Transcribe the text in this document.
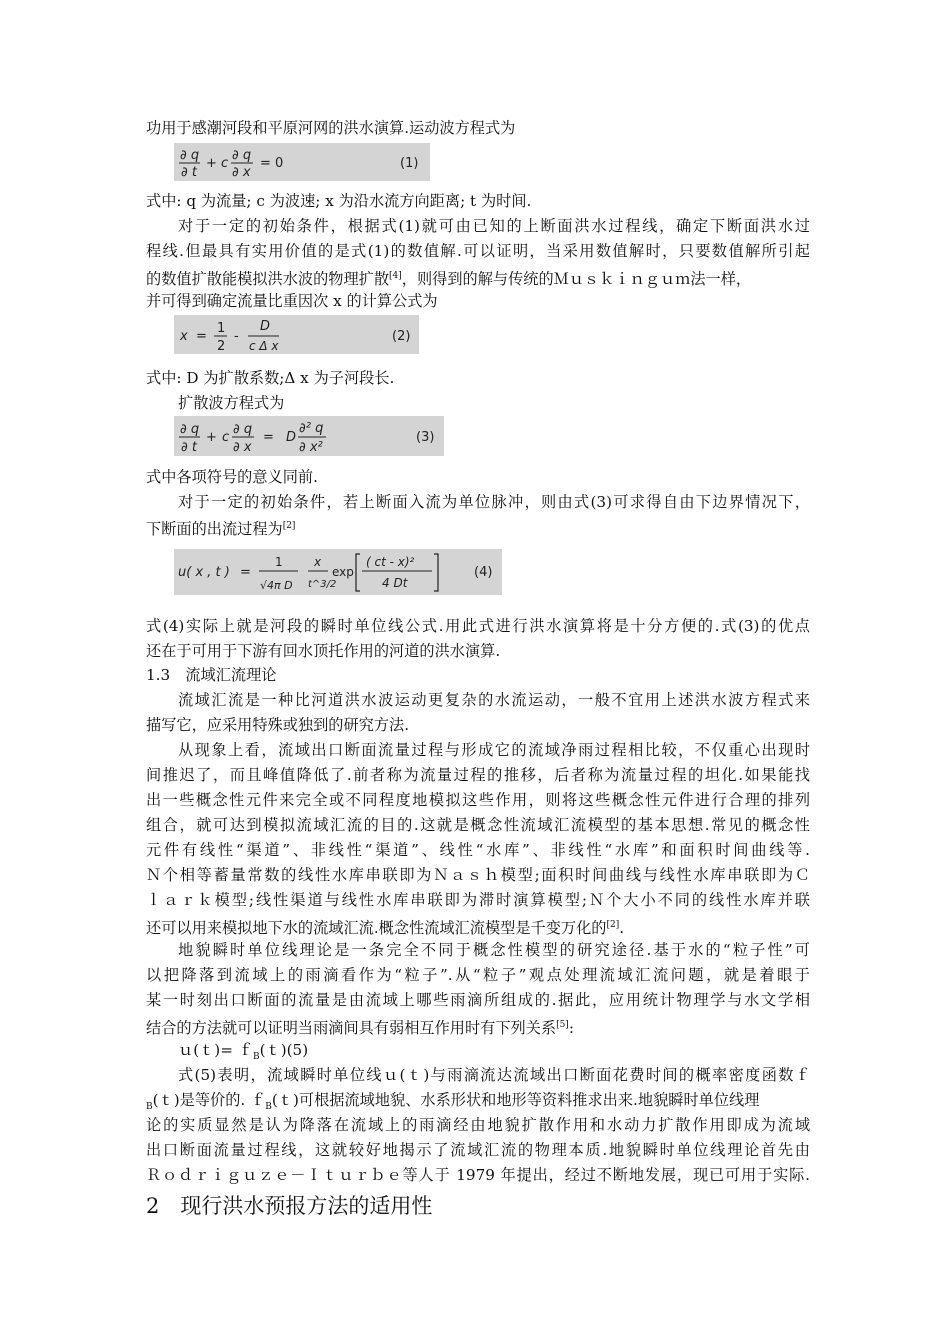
功用于感潮河段和平原河网的洪水演算.运动波方程式为
∂ q
∂ t
+ c
∂ q
∂ x
= 0	(1)
式中: q 为流量; c 为波速; x 为沿水流方向距离; t 为时间.
对于一定的初始条件，根据式(1)就可由已知的上断面洪水过程线，确定下断面洪水过
程线.但最具有实用价值的是式(1)的数值解.可以证明，当采用数值解时，只要数值解所引起
的数值扩散能模拟洪水波的物理扩散[4]，则得到的解与传统的Ｍｕｓｋｉｎｇｕｍ法一样，
并可得到确定流量比重因次 x 的计算公式为
x =
1
2
-
D
c Δ x
(2)
式中: D 为扩散系数;Δ x 为子河段长.
扩散波方程式为
∂ q
∂ t
+ c
∂ q
∂ x
= D
∂² q
∂ x²
(3)
式中各项符号的意义同前.
对于一定的初始条件，若上断面入流为单位脉冲，则由式(3)可求得自由下边界情况下，
下断面的出流过程为[2]
u( x , t ) =
1
√4π D
x
t^3/2
exp
( ct - x)²
4 Dt
(4)
式(4)实际上就是河段的瞬时单位线公式.用此式进行洪水演算将是十分方便的.式(3)的优点
还在于可用于下游有回水顶托作用的河道的洪水演算.
1.3　流域汇流理论
流域汇流是一种比河道洪水波运动更复杂的水流运动，一般不宜用上述洪水波方程式来
描写它，应采用特殊或独到的研究方法.
从现象上看，流域出口断面流量过程与形成它的流域净雨过程相比较，不仅重心出现时
间推迟了，而且峰值降低了.前者称为流量过程的推移，后者称为流量过程的坦化.如果能找
出一些概念性元件来完全或不同程度地模拟这些作用，则将这些概念性元件进行合理的排列
组合，就可达到模拟流域汇流的目的.这就是概念性流域汇流模型的基本思想.常见的概念性
元件有线性“渠道”、非线性“渠道”、线性“水库”、非线性“水库”和面积时间曲线等.
Ｎ个相等蓄量常数的线性水库串联即为Ｎａｓｈ模型;面积时间曲线与线性水库串联即为Ｃ
ｌａｒｋ模型;线性渠道与线性水库串联即为滞时演算模型;Ｎ个大小不同的线性水库并联
还可以用来模拟地下水的流域汇流.概念性流域汇流模型是千变万化的[2].
地貌瞬时单位线理论是一条完全不同于概念性模型的研究途径.基于水的“粒子性”可
以把降落到流域上的雨滴看作为“粒子”.从“粒子”观点处理流域汇流问题，就是着眼于
某一时刻出口断面的流量是由流域上哪些雨滴所组成的.据此，应用统计物理学与水文学相
结合的方法就可以证明当雨滴间具有弱相互作用时有下列关系[5]:
ｕ(ｔ)= ｆ$_B$(ｔ)(5)
式(5)表明，流域瞬时单位线ｕ(ｔ)与雨滴流达流域出口断面花费时间的概率密度函数ｆ
$_B$(ｔ)是等价的. ｆ$_B$(ｔ)可根据流域地貌、水系形状和地形等资料推求出来.地貌瞬时单位线理
论的实质显然是认为降落在流域上的雨滴经由地貌扩散作用和水动力扩散作用即成为流域
出口断面流量过程线，这就较好地揭示了流域汇流的物理本质.地貌瞬时单位线理论首先由
Ｒｏｄｒｉｇｕｚｅ－Ｉｔｕｒｂｅ等人于 1979 年提出，经过不断地发展，现已可用于实际.
2　现行洪水预报方法的适用性
